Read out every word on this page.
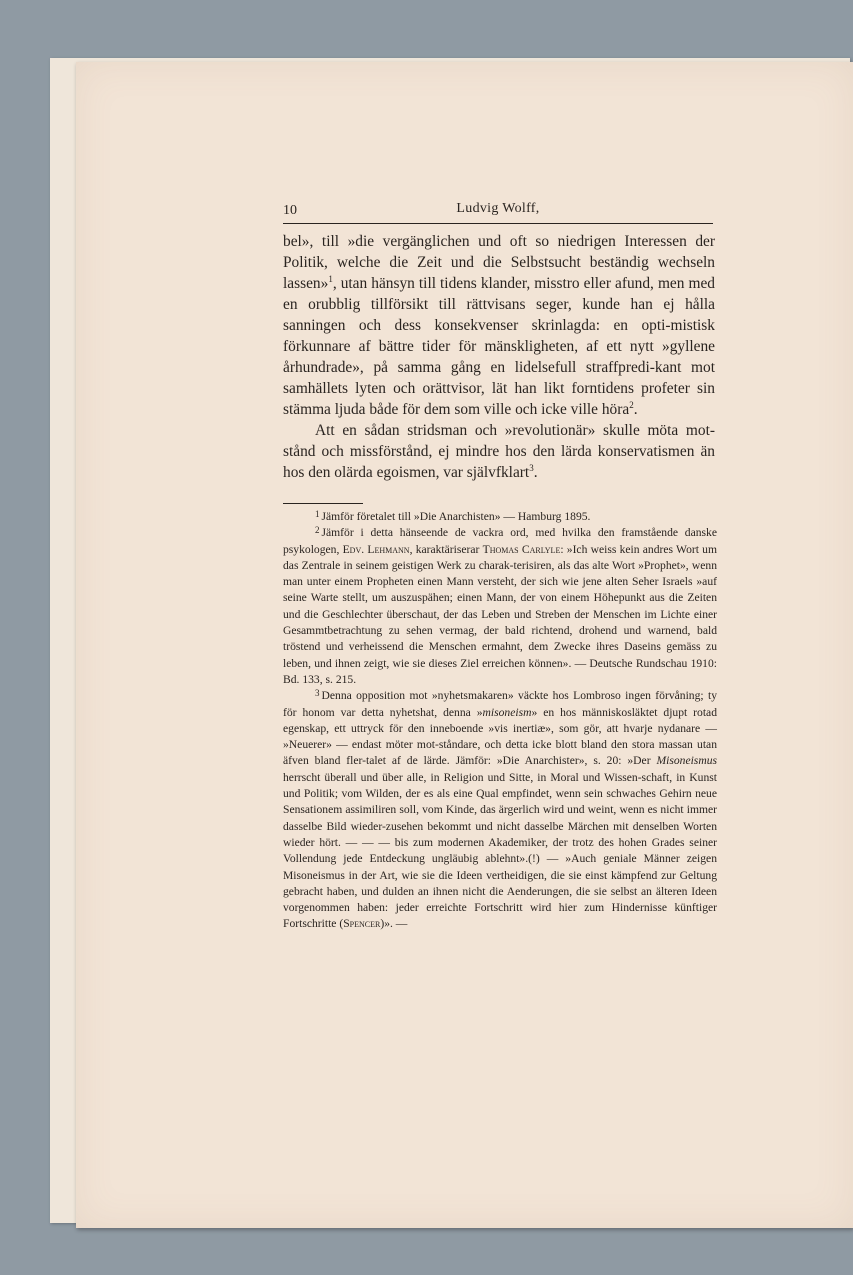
10	Ludvig Wolff,

bel», till »die vergänglichen und oft so niedrigen Interessen der Politik, welche die Zeit und die Selbstsucht beständig wechseln lassen»$^1$, utan hänsyn till tidens klander, misstro eller afund, men med en orubblig tillförsikt till rättvisans seger, kunde han ej hålla sanningen och dess konsekvenser skrinlagda: en opti-mistisk förkunnare af bättre tider för mänskligheten, af ett nytt »gyllene århundrade», på samma gång en lidelsefull straffpredi-kant mot samhällets lyten och orättvisor, lät han likt forntidens profeter sin stämma ljuda både för dem som ville och icke ville höra$^2$.

Att en sådan stridsman och »revolutionär» skulle möta mot-stånd och missförstånd, ej mindre hos den lärda konservatismen än hos den olärda egoismen, var självfklart$^3$.

$^1$ Jämför företalet till »Die Anarchisten» — Hamburg 1895.

$^2$ Jämför i detta hänseende de vackra ord, med hvilka den framstående danske psykologen, Edv. Lehmann, karaktäriserar Thomas Carlyle: »Ich weiss kein andres Wort um das Zentrale in seinem geistigen Werk zu charak-terisiren, als das alte Wort »Prophet», wenn man unter einem Propheten einen Mann versteht, der sich wie jene alten Seher Israels »auf seine Warte stellt, um auszuspähen; einen Mann, der von einem Höhepunkt aus die Zeiten und die Geschlechter überschaut, der das Leben und Streben der Menschen im Lichte einer Gesammtbetrachtung zu sehen vermag, der bald richtend, drohend und warnend, bald tröstend und verheissend die Menschen ermahnt, dem Zwecke ihres Daseins gemäss zu leben, und ihnen zeigt, wie sie dieses Ziel erreichen können». — Deutsche Rundschau 1910: Bd. 133, s. 215.

$^3$ Denna opposition mot »nyhetsmakaren» väckte hos Lombroso ingen förvåning; ty för honom var detta nyhetshat, denna »misoneism» en hos människosläktet djupt rotad egenskap, ett uttryck för den inneboende »vis inertiæ», som gör, att hvarje nydanare — »Neuerer» — endast möter mot-ståndare, och detta icke blott bland den stora massan utan äfven bland fler-talet af de lärde. Jämför: »Die Anarchister», s. 20: »Der Misoneismus herrscht überall und über alle, in Religion und Sitte, in Moral und Wissen-schaft, in Kunst und Politik; vom Wilden, der es als eine Qual empfindet, wenn sein schwaches Gehirn neue Sensationem assimiliren soll, vom Kinde, das ärgerlich wird und weint, wenn es nicht immer dasselbe Bild wieder-zusehen bekommt und nicht dasselbe Märchen mit denselben Worten wieder hört. — — — bis zum modernen Akademiker, der trotz des hohen Grades seiner Vollendung jede Entdeckung ungläubig ablehnt».(!) — »Auch geniale Männer zeigen Misoneismus in der Art, wie sie die Ideen vertheidigen, die sie einst kämpfend zur Geltung gebracht haben, und dulden an ihnen nicht die Aenderungen, die sie selbst an älteren Ideen vorgenommen haben: jeder erreichte Fortschritt wird hier zum Hindernisse künftiger Fortschritte (Spencer)». —
